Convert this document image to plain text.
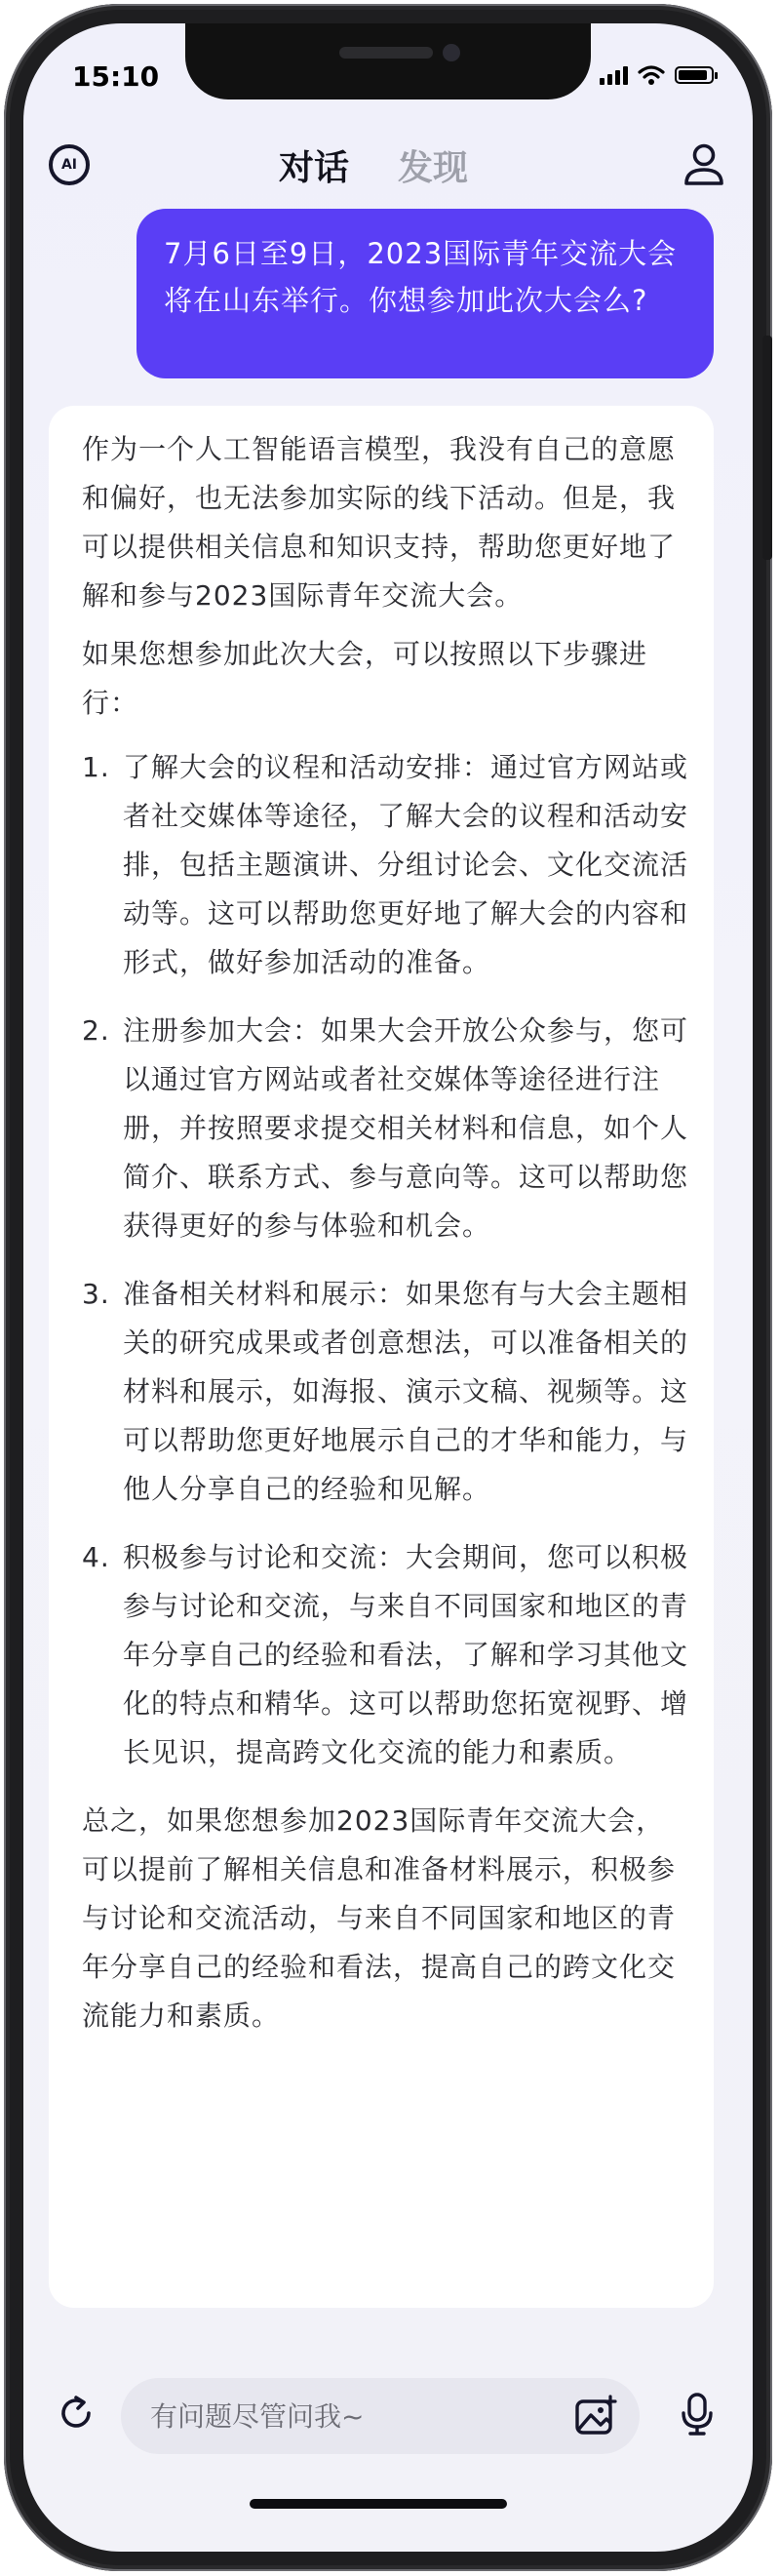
15:10
AI	对话 发现
7月6日至9日，2023国际青年交流大会将在山东举行。你想参加此次大会么?

作为一个人工智能语言模型，我没有自己的意愿和偏好，也无法参加实际的线下活动。但是，我可以提供相关信息和知识支持，帮助您更好地了解和参与2023国际青年交流大会。

如果您想参加此次大会，可以按照以下步骤进行：

1. 了解大会的议程和活动安排：通过官方网站或者社交媒体等途径，了解大会的议程和活动安排，包括主题演讲、分组讨论会、文化交流活动等。这可以帮助您更好地了解大会的内容和形式，做好参加活动的准备。
2. 注册参加大会：如果大会开放公众参与，您可以通过官方网站或者社交媒体等途径进行注册，并按照要求提交相关材料和信息，如个人简介、联系方式、参与意向等。这可以帮助您获得更好的参与体验和机会。
3. 准备相关材料和展示：如果您有与大会主题相关的研究成果或者创意想法，可以准备相关的材料和展示，如海报、演示文稿、视频等。这可以帮助您更好地展示自己的才华和能力，与他人分享自己的经验和见解。
4. 积极参与讨论和交流：大会期间，您可以积极参与讨论和交流，与来自不同国家和地区的青年分享自己的经验和看法，了解和学习其他文化的特点和精华。这可以帮助您拓宽视野、增长见识，提高跨文化交流的能力和素质。

总之，如果您想参加2023国际青年交流大会，可以提前了解相关信息和准备材料展示，积极参与讨论和交流活动，与来自不同国家和地区的青年分享自己的经验和看法，提高自己的跨文化交流能力和素质。

有问题尽管问我~
